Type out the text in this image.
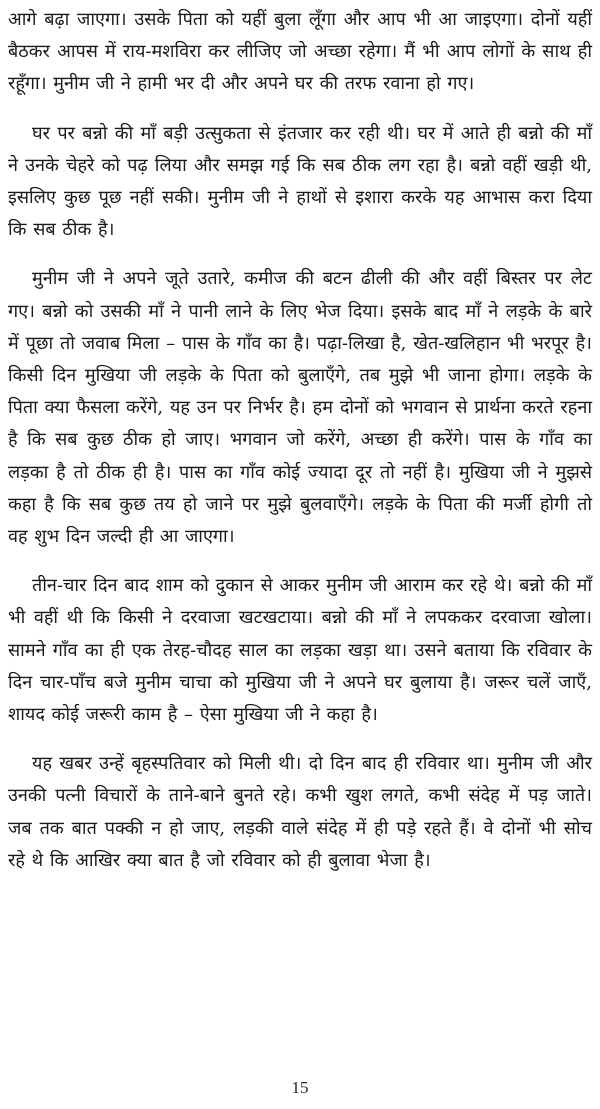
आगे बढ़ा जाएगा। उसके पिता को यहीं बुला लूँगा और आप भी आ जाइएगा। दोनों यहीं बैठकर आपस में राय-मशविरा कर लीजिए जो अच्छा रहेगा। मैं भी आप लोगों के साथ ही रहूँगा। मुनीम जी ने हामी भर दी और अपने घर की तरफ रवाना हो गए।

घर पर बन्नो की माँ बड़ी उत्सुकता से इंतजार कर रही थी। घर में आते ही बन्नो की माँ ने उनके चेहरे को पढ़ लिया और समझ गई कि सब ठीक लग रहा है। बन्नो वहीं खड़ी थी, इसलिए कुछ पूछ नहीं सकी। मुनीम जी ने हाथों से इशारा करके यह आभास करा दिया कि सब ठीक है।

मुनीम जी ने अपने जूते उतारे, कमीज की बटन ढीली की और वहीं बिस्तर पर लेट गए। बन्नो को उसकी माँ ने पानी लाने के लिए भेज दिया। इसके बाद माँ ने लड़के के बारे में पूछा तो जवाब मिला – पास के गाँव का है। पढ़ा-लिखा है, खेत-खलिहान भी भरपूर है। किसी दिन मुखिया जी लड़के के पिता को बुलाएँगे, तब मुझे भी जाना होगा। लड़के के पिता क्या फैसला करेंगे, यह उन पर निर्भर है। हम दोनों को भगवान से प्रार्थना करते रहना है कि सब कुछ ठीक हो जाए। भगवान जो करेंगे, अच्छा ही करेंगे। पास के गाँव का लड़का है तो ठीक ही है। पास का गाँव कोई ज्यादा दूर तो नहीं है। मुखिया जी ने मुझसे कहा है कि सब कुछ तय हो जाने पर मुझे बुलवाएँगे। लड़के के पिता की मर्जी होगी तो वह शुभ दिन जल्दी ही आ जाएगा।

तीन-चार दिन बाद शाम को दुकान से आकर मुनीम जी आराम कर रहे थे। बन्नो की माँ भी वहीं थी कि किसी ने दरवाजा खटखटाया। बन्नो की माँ ने लपककर दरवाजा खोला। सामने गाँव का ही एक तेरह-चौदह साल का लड़का खड़ा था। उसने बताया कि रविवार के दिन चार-पाँच बजे मुनीम चाचा को मुखिया जी ने अपने घर बुलाया है। जरूर चलें जाएँ, शायद कोई जरूरी काम है – ऐसा मुखिया जी ने कहा है।

यह खबर उन्हें बृहस्पतिवार को मिली थी। दो दिन बाद ही रविवार था। मुनीम जी और उनकी पत्नी विचारों के ताने-बाने बुनते रहे। कभी खुश लगते, कभी संदेह में पड़ जाते। जब तक बात पक्की न हो जाए, लड़की वाले संदेह में ही पड़े रहते हैं। वे दोनों भी सोच रहे थे कि आखिर क्या बात है जो रविवार को ही बुलावा भेजा है।

15
